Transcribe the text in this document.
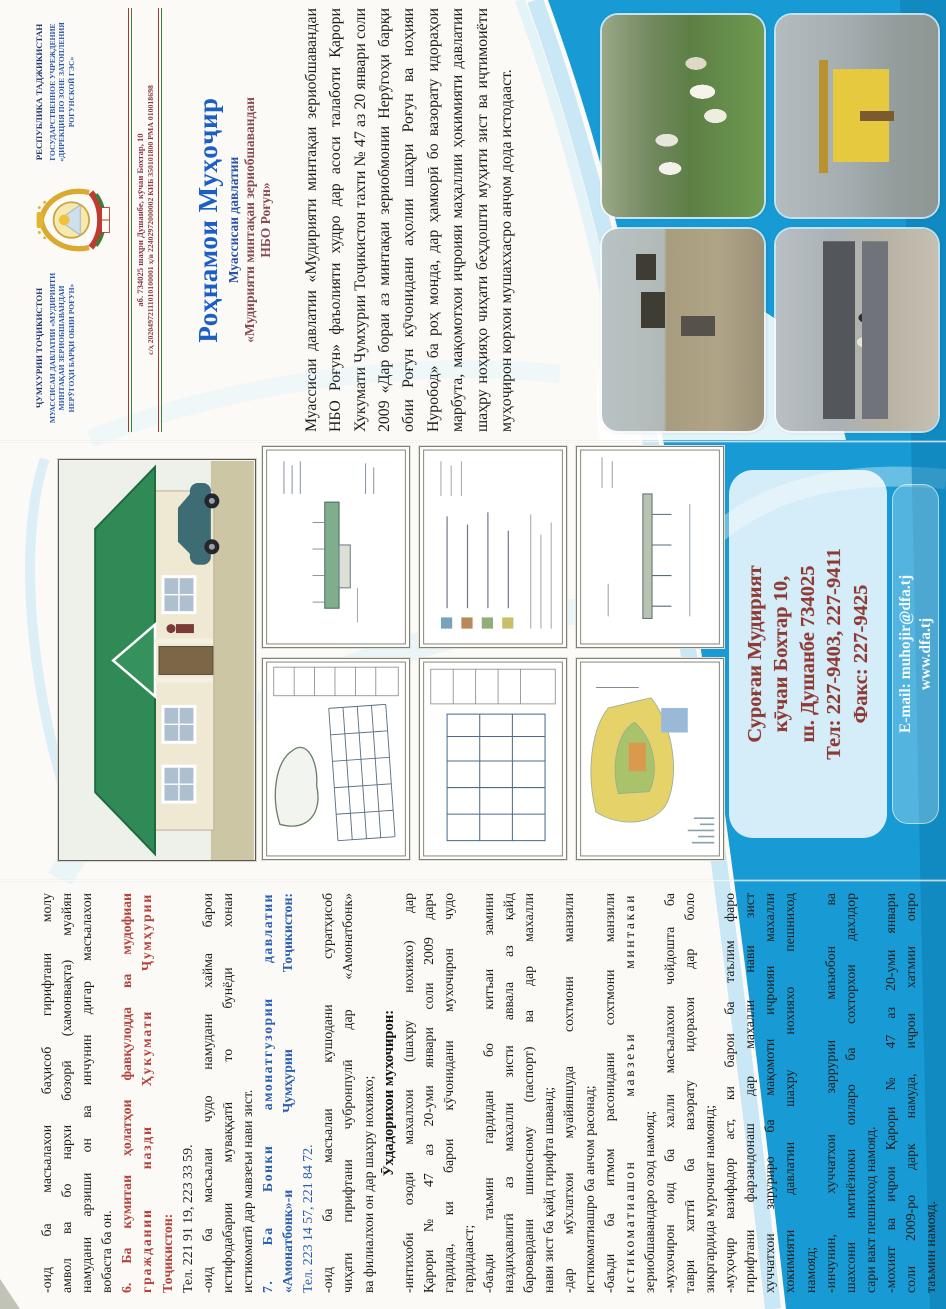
-оид ба масъалахои баҳисоб гирифтани молу амвол ва бо нархи бозорӣ (хамонвақта) муайян намудани арзиши он ва инчунин дигар масъалахои вобаста ба он. 6. Ба кумитаи ҳолатҳои фавқулодда ва мудофиаи граждании назди Ҳукумати Ҷумҳурии Тоҷикистон: Тел. 221 91 19, 223 33 59. -оид ба масъалаи чудо намудани хайма барои истифодабарии муваққатӣ то бунёди хонаи истикоматӣ дар мавзеъи нави зист. 7. Ба Бонки амонатгузории давлатии «Амонатбонк»-и Ҷумҳурии Тоҷикистон: Тел. 223 14 57, 221 84 72. -оид ба масъалаи кушодани суратҳисоб чиҳати гирифтани чубронпулӣ дар «Амонатбонк» ва филиалхои он дар шахру нохияхо; Ӯхдадорихои мухочирон: -интихоби озоди махалхои (шахру нохияхо) дар Қарори № 47 аз 20-уми январи соли 2009 дарч гардида, ки барои кӯчонидани мухочирон чудо гардидааст; -баъди таъмин гардидан бо китъаи замини наздиҳавлигӣ аз махалли зисти аввала аз қайд баровардани шиносному (паспорт) ва дар махалли нави зист ба қайд гирифта шаванд; -дар мӯхлатхои муайяншуда сохтмони манзили истикоматиашро ба анчом расонад; -баъди ба итмом расонидани сохтмони манзили истикоматиашон мавзеъи минтакаи зериобшавандаро озод намояд; -мухочирон оид ба халли масъалахои чойдошта ба таври хаттӣ ба вазорату идорахои дар боло зикргардида мурочиат намоянд; -муҳоҷир вазифадор аст, ки барои ба таълим фаро гирифтани фарзандонаш дар махалли нави зист хуччатхои заруриро ба мақомоти иҷроияи махалли хокимияти давлатии шахру нохияхо пешниход намояд; -инчунин, хуччатхои заррурии маъюбон ва шахсони имтиёзноки оиларо ба сохторхои дахлдор сари вакт пешниход намояд. -мохият ва иҷрои Қарори № 47 аз 20-уми январи соли 2009-ро дарк намуда, иҷрои хатмии онро таъмин намояд.
Суроғаи Мудирият кӯчаи Бохтар 10, ш. Душанбе 734025 Тел: 227-9403, 227-9411 Факс: 227-9425 E-mail: muhojir@dfa.tj www.dfa.tj
ҶУМХУРИИ ТОҶИКИСТОН МУАССИСАИ ДАВЛАТИИ «МУДИРИЯТИ МИНТАҚАИ ЗЕРИОБШАВАНДАИ НЕРӮГОҲИ БАРҚИ ОБИИ РОҒУН»
РЕСПУБЛИКА ТАДЖИКИСТАН ГОСУДАРСТВЕННОЕ УЧРЕЖДЕНИЕ «ДИРЕКЦИЯ ПО ЗОНЕ ЗАТОПЛЕНИЯ РОГУНСКОЙ ГЭС»
аб. 734025 шаҳри Душанбе, кӯчаи Бохтар, 10 с/ҳ 20204972111010100001 ҳ/в 22402972000002 КИБ 350101800 РМА 010018698 Роҳнамои Муҳоҷир Муассисаи давлатии «Мудирияти минтақаи зериобшавандаи НБО Роғун» Муассисаи давлатии «Мудирияти минтақаи зериобшавандаи НБО Роғун» фаъолияти худро дар асоси талаботи Қарори Хукумати Чумхурии Тоҷикистон тахти № 47 аз 20 январи соли 2009 «Дар бораи аз минтақаи зериобмонии Нерӯгоҳи барқи обии Роғун кӯчонидани аҳолии шаҳри Роғун ва ноҳияи Нуробод» ба роҳ монда, дар ҳамкорӣ бо вазорату идораҳои марбута, мақомотхои иҷроияи маҳаллии ҳокимияти давлатии шаҳру ноҳияҳо чиҳати беҳдошти муҳити зист ва иҷтимоиёти муҳоҷирон корхои мушаххасро анҷом дода истодааст.
